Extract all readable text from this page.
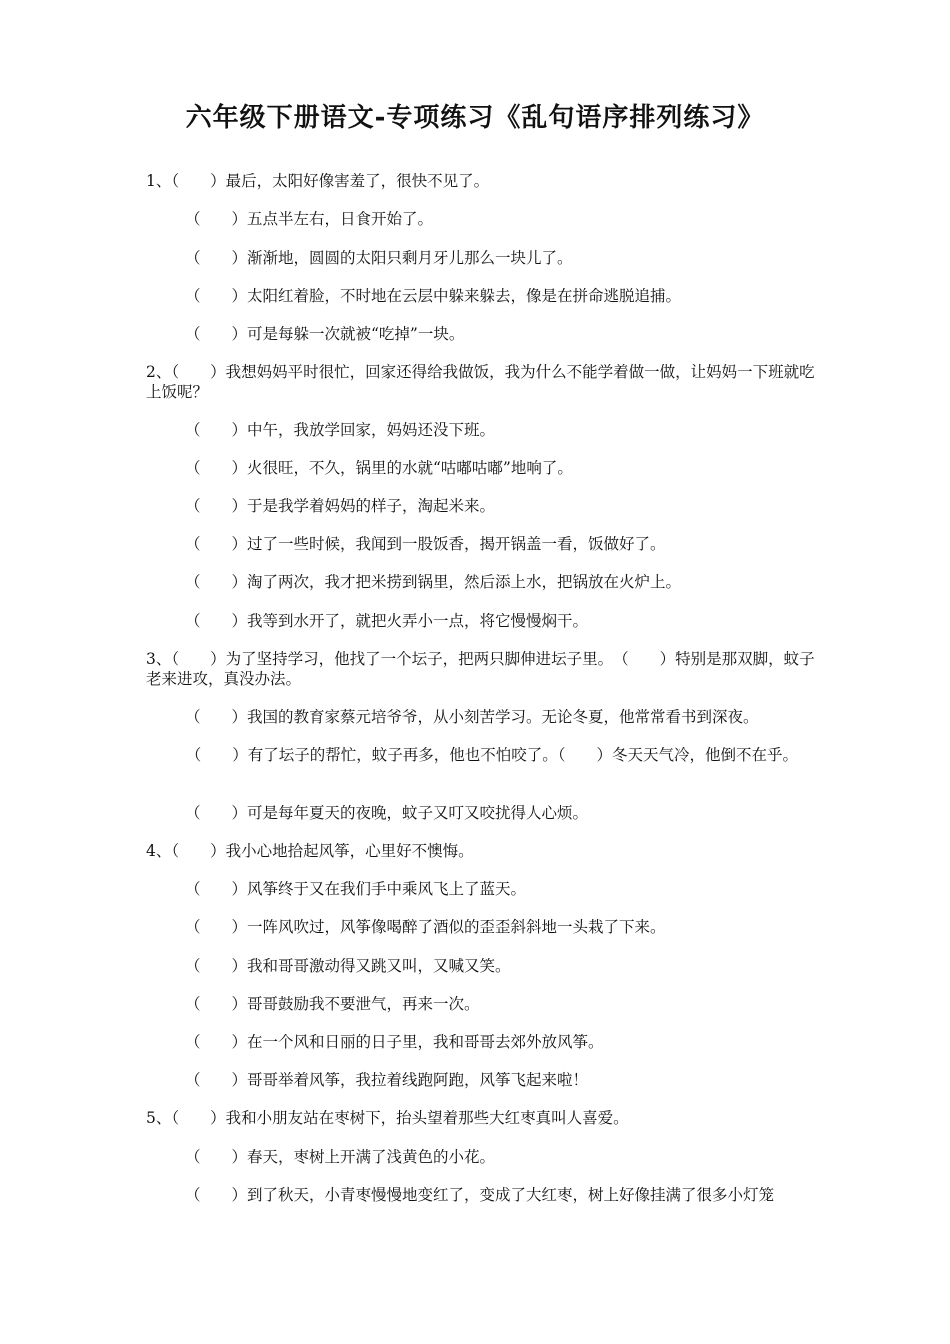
六年级下册语文-专项练习《乱句语序排列练习》
1、（　　）最后，太阳好像害羞了，很快不见了。
（　　）五点半左右，日食开始了。
（　　）渐渐地，圆圆的太阳只剩月牙儿那么一块儿了。
（　　）太阳红着脸，不时地在云层中躲来躲去，像是在拼命逃脱追捕。
（　　）可是每躲一次就被“吃掉”一块。
2、（　　）我想妈妈平时很忙，回家还得给我做饭，我为什么不能学着做一做，让妈妈一下班就吃上饭呢？
（　　）中午，我放学回家，妈妈还没下班。
（　　）火很旺，不久，锅里的水就“咕嘟咕嘟”地响了。
（　　）于是我学着妈妈的样子，淘起米来。
（　　）过了一些时候，我闻到一股饭香，揭开锅盖一看，饭做好了。
（　　）淘了两次，我才把米捞到锅里，然后添上水，把锅放在火炉上。
（　　）我等到水开了，就把火弄小一点，将它慢慢焖干。
3、（　　）为了坚持学习，他找了一个坛子，把两只脚伸进坛子里。　（　　）特别是那双脚，蚊子老来进攻，真没办法。
（　　）我国的教育家蔡元培爷爷，从小刻苦学习。无论冬夏，他常常看书到深夜。
　（　　）有了坛子的帮忙，蚊子再多，他也不怕咬了。（　　）冬天天气冷，他倒不在乎。
（　　）可是每年夏天的夜晚，蚊子又叮又咬扰得人心烦。
4、（　　）我小心地拾起风筝，心里好不懊悔。
（　　）风筝终于又在我们手中乘风飞上了蓝天。
（　　）一阵风吹过，风筝像喝醉了酒似的歪歪斜斜地一头栽了下来。
（　　）我和哥哥激动得又跳又叫，又喊又笑。
（　　）哥哥鼓励我不要泄气，再来一次。
（　　）在一个风和日丽的日子里，我和哥哥去郊外放风筝。
（　　）哥哥举着风筝，我拉着线跑阿跑，风筝飞起来啦！
5、（　　）我和小朋友站在枣树下，抬头望着那些大红枣真叫人喜爱。
（　　）春天，枣树上开满了浅黄色的小花。
（　　）到了秋天，小青枣慢慢地变红了，变成了大红枣，树上好像挂满了很多小灯笼
